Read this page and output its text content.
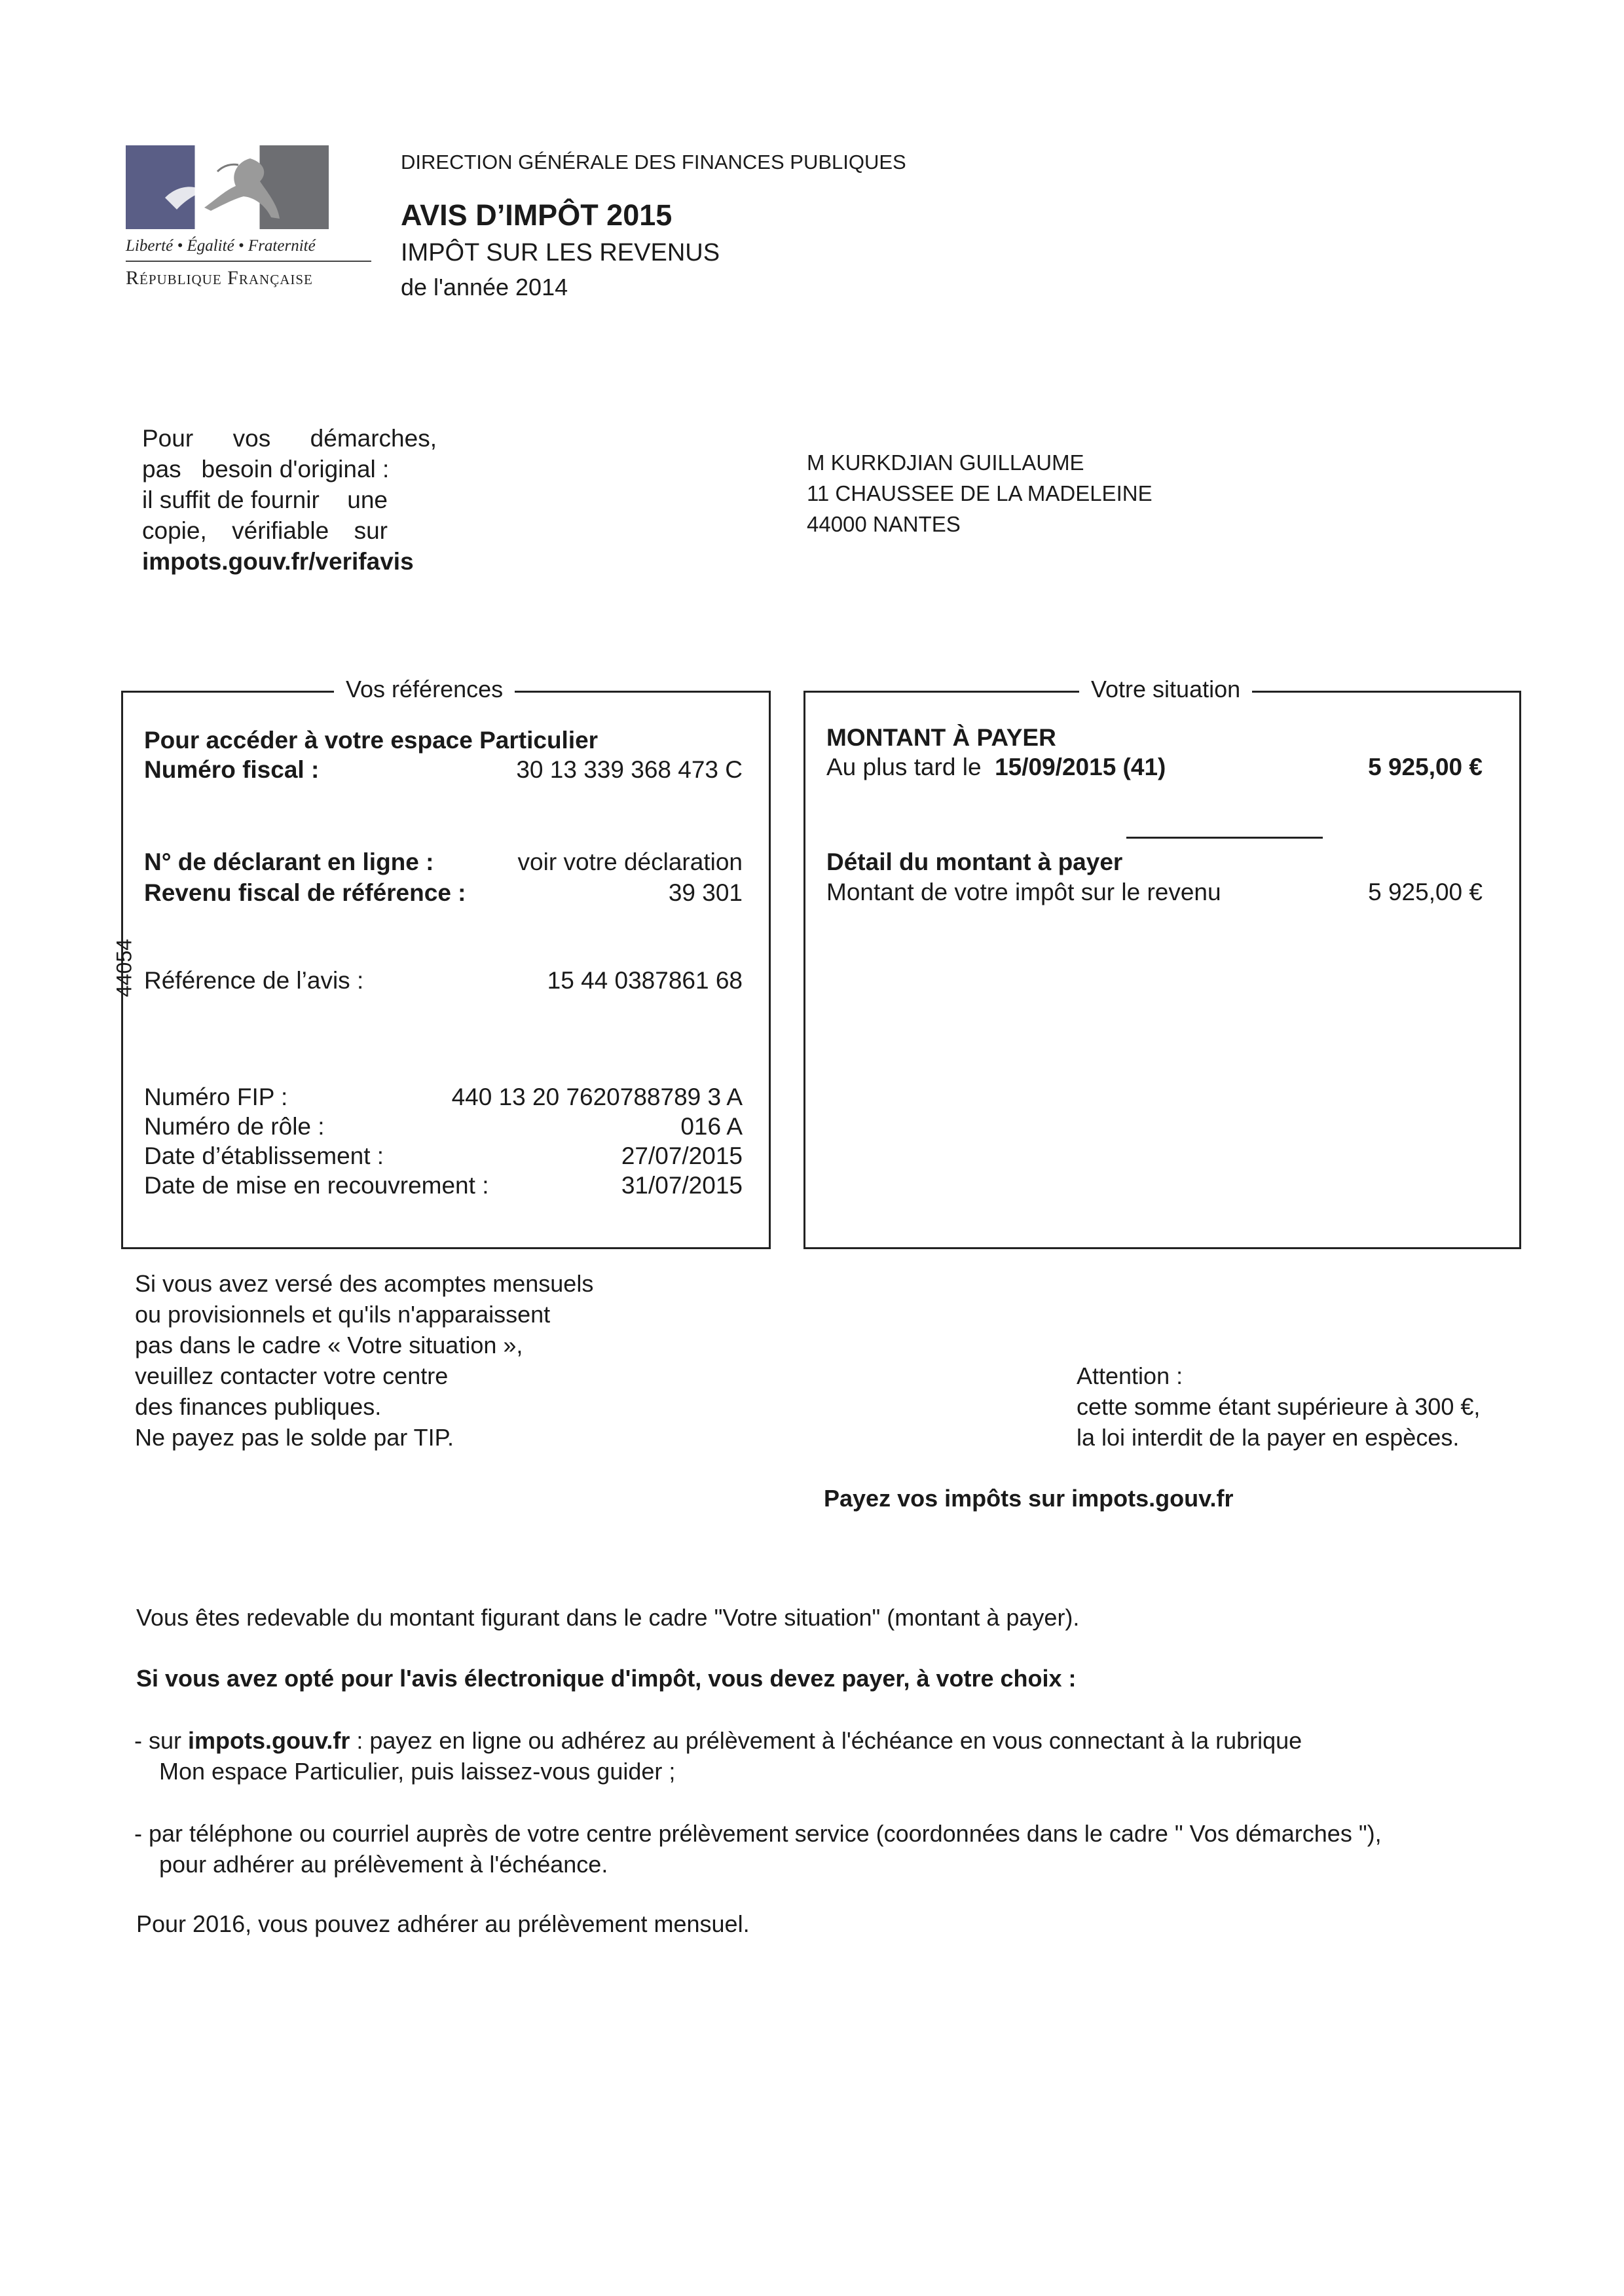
Liberté • Égalité • Fraternité
République Française
DIRECTION GÉNÉRALE DES FINANCES PUBLIQUES
AVIS D’IMPÔT 2015
IMPÔT SUR LES REVENUS
de l'année 2014
Pour vos démarches,
pas besoin d'original :
il suffit de fournir une
copie, vérifiable sur
impots.gouv.fr/verifavis
M KURKDJIAN GUILLAUME
11 CHAUSSEE DE LA MADELEINE
44000 NANTES
Vos références
Pour accéder à votre espace Particulier
Numéro fiscal :	30 13 339 368 473 C
N° de déclarant en ligne :	voir votre déclaration
Revenu fiscal de référence :	39 301
Référence de l’avis :	15 44 0387861 68
Numéro FIP :	440 13 20 7620788789 3 A
Numéro de rôle :	016 A
Date d’établissement :	27/07/2015
Date de mise en recouvrement :	31/07/2015
44054
Votre situation
MONTANT À PAYER
Au plus tard le 15/09/2015 (41)	5 925,00 €
Détail du montant à payer
Montant de votre impôt sur le revenu	5 925,00 €
Si vous avez versé des acomptes mensuels
ou provisionnels et qu'ils n'apparaissent
pas dans le cadre « Votre situation »,
veuillez contacter votre centre
des finances publiques.
Ne payez pas le solde par TIP.
Attention :
cette somme étant supérieure à 300 €,
la loi interdit de la payer en espèces.
Payez vos impôts sur impots.gouv.fr
Vous êtes redevable du montant figurant dans le cadre "Votre situation" (montant à payer).
Si vous avez opté pour l'avis électronique d'impôt, vous devez payer, à votre choix :
- sur impots.gouv.fr : payez en ligne ou adhérez au prélèvement à l'échéance en vous connectant à la rubrique
Mon espace Particulier, puis laissez-vous guider ;
- par téléphone ou courriel auprès de votre centre prélèvement service (coordonnées dans le cadre " Vos démarches "),
pour adhérer au prélèvement à l'échéance.
Pour 2016, vous pouvez adhérer au prélèvement mensuel.
